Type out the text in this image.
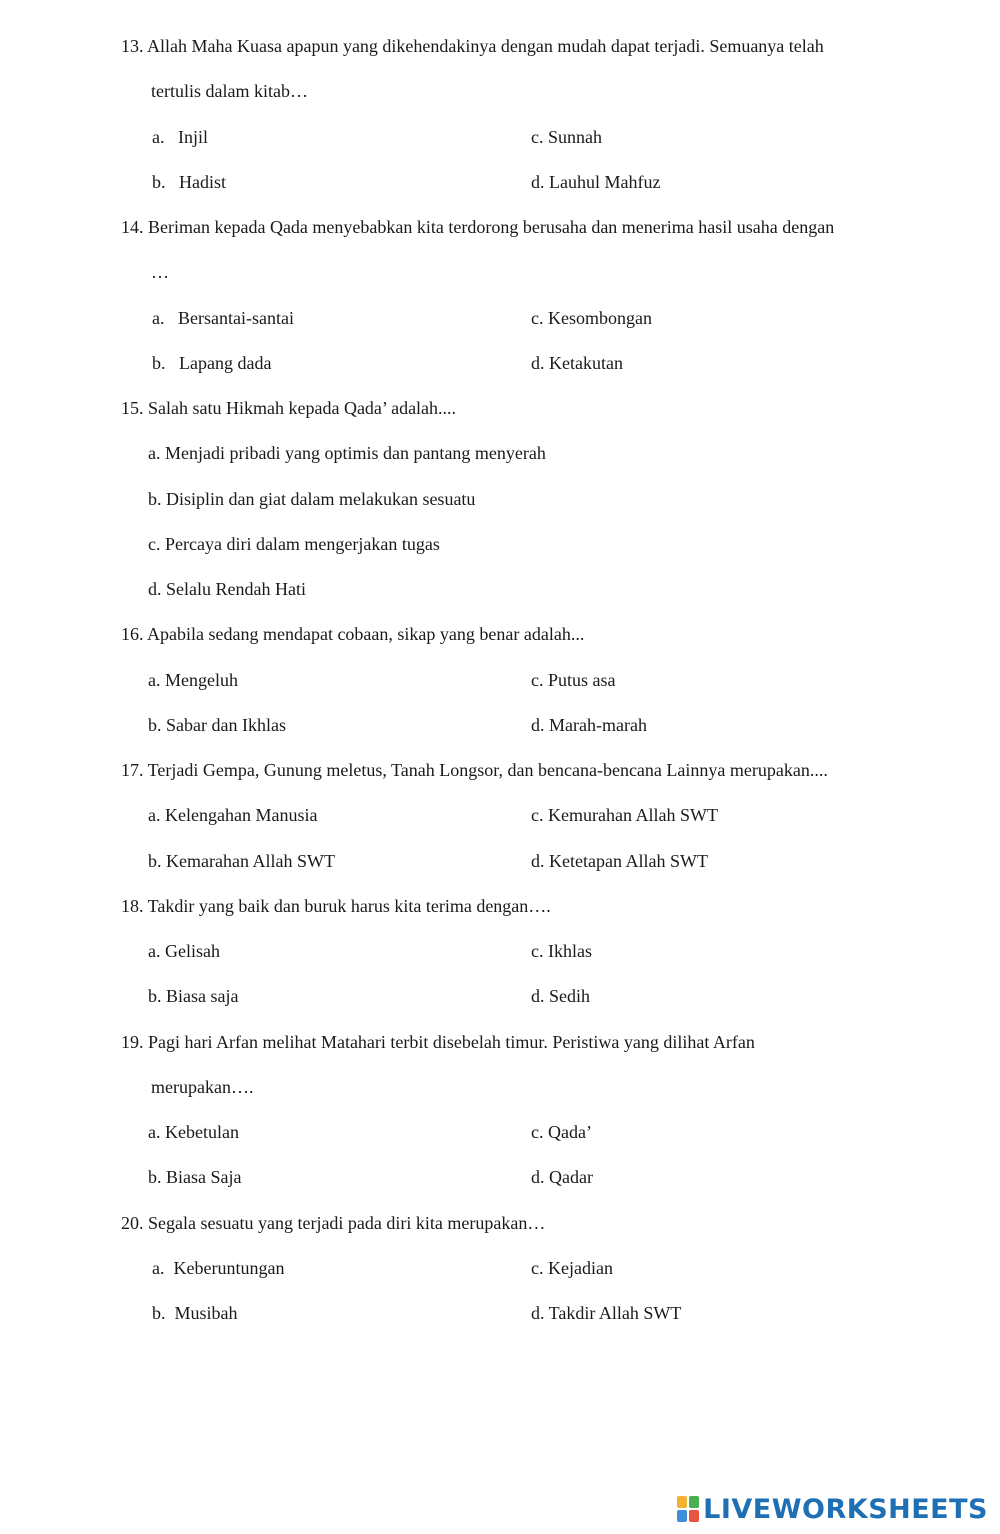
13. Allah Maha Kuasa apapun yang dikehendakinya dengan mudah dapat terjadi. Semuanya telah
tertulis dalam kitab…
a.   Injil	c. Sunnah
b.   Hadist	d. Lauhul Mahfuz
14. Beriman kepada Qada menyebabkan kita terdorong berusaha dan menerima hasil usaha dengan
…
a.   Bersantai-santai	c. Kesombongan
b.   Lapang dada	d. Ketakutan
15. Salah satu Hikmah kepada Qada’ adalah....
a. Menjadi pribadi yang optimis dan pantang menyerah
b. Disiplin dan giat dalam melakukan sesuatu
c. Percaya diri dalam mengerjakan tugas
d. Selalu Rendah Hati
16. Apabila sedang mendapat cobaan, sikap yang benar adalah...
a. Mengeluh	c. Putus asa
b. Sabar dan Ikhlas	d. Marah-marah
17. Terjadi Gempa, Gunung meletus, Tanah Longsor, dan bencana-bencana Lainnya merupakan....
a. Kelengahan Manusia	c. Kemurahan Allah SWT
b. Kemarahan Allah SWT	d. Ketetapan Allah SWT
18. Takdir yang baik dan buruk harus kita terima dengan….
a. Gelisah	c. Ikhlas
b. Biasa saja	d. Sedih
19. Pagi hari Arfan melihat Matahari terbit disebelah timur. Peristiwa yang dilihat Arfan
merupakan….
a. Kebetulan	c. Qada’
b. Biasa Saja	d. Qadar
20. Segala sesuatu yang terjadi pada diri kita merupakan…
a.  Keberuntungan	c. Kejadian
b.  Musibah	d. Takdir Allah SWT
LIVEWORKSHEETS
